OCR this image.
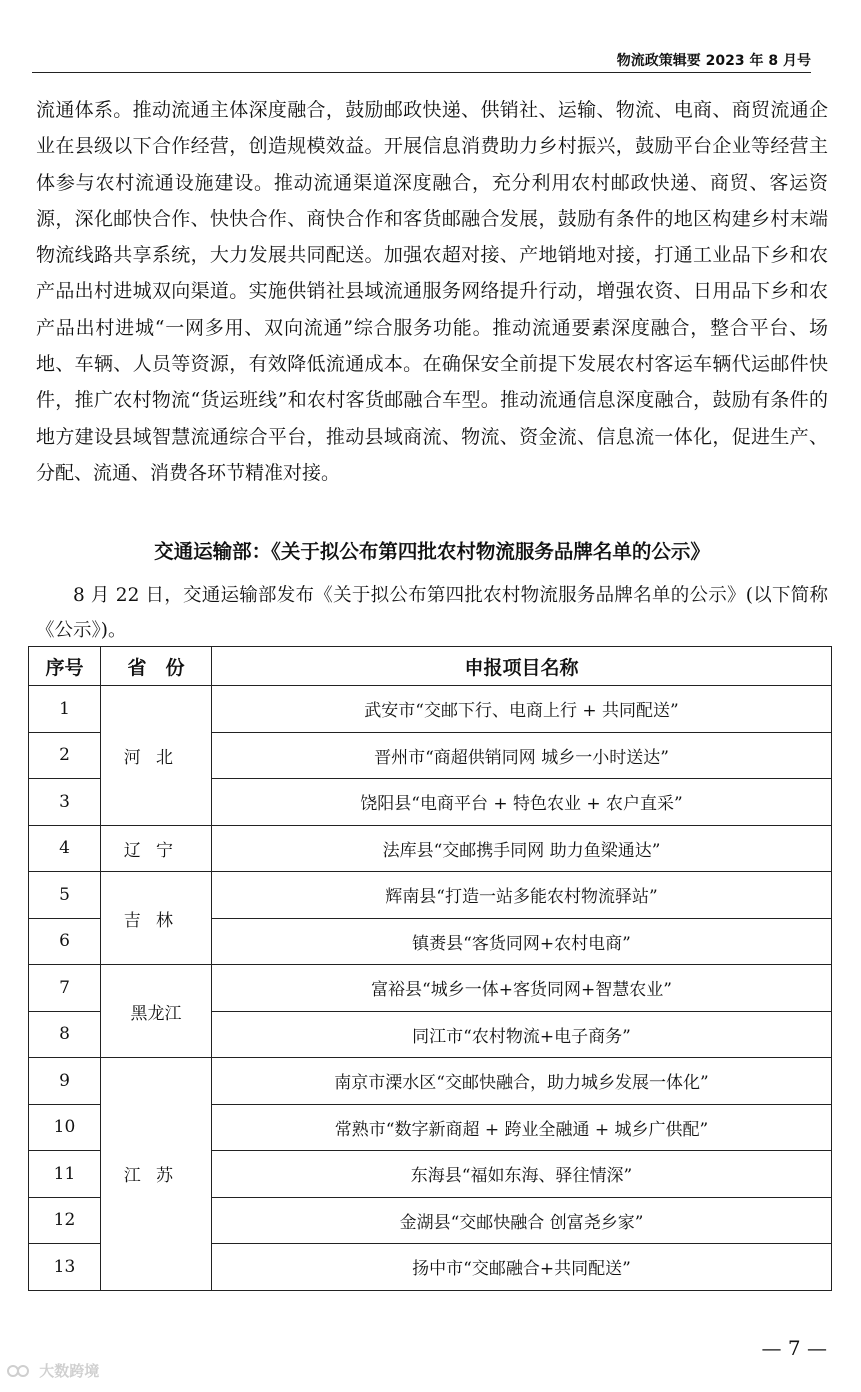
物流政策辑要 2023 年 8 月号
流通体系。推动流通主体深度融合，鼓励邮政快递、供销社、运输、物流、电商、商贸流通企业在县级以下合作经营，创造规模效益。开展信息消费助力乡村振兴，鼓励平台企业等经营主体参与农村流通设施建设。推动流通渠道深度融合，充分利用农村邮政快递、商贸、客运资源，深化邮快合作、快快合作、商快合作和客货邮融合发展，鼓励有条件的地区构建乡村末端物流线路共享系统，大力发展共同配送。加强农超对接、产地销地对接，打通工业品下乡和农产品出村进城双向渠道。实施供销社县域流通服务网络提升行动，增强农资、日用品下乡和农产品出村进城“一网多用、双向流通”综合服务功能。推动流通要素深度融合，整合平台、场地、车辆、人员等资源，有效降低流通成本。在确保安全前提下发展农村客运车辆代运邮件快件，推广农村物流“货运班线”和农村客货邮融合车型。推动流通信息深度融合，鼓励有条件的地方建设县域智慧流通综合平台，推动县域商流、物流、资金流、信息流一体化，促进生产、分配、流通、消费各环节精准对接。
交通运输部：《关于拟公布第四批农村物流服务品牌名单的公示》
8 月 22 日，交通运输部发布《关于拟公布第四批农村物流服务品牌名单的公示》(以下简称《公示》)。
序号	省　份	申报项目名称
1	河北	武安市“交邮下行、电商上行 + 共同配送”
2		晋州市“商超供销同网 城乡一小时送达”
3		饶阳县“电商平台 + 特色农业 + 农户直采”
4	辽宁	法库县“交邮携手同网 助力鱼梁通达”
5	吉林	辉南县“打造一站多能农村物流驿站”
6		镇赉县“客货同网+农村电商”
7	黑龙江	富裕县“城乡一体+客货同网+智慧农业”
8		同江市“农村物流+电子商务”
9	江苏	南京市溧水区“交邮快融合，助力城乡发展一体化”
10		常熟市“数字新商超 + 跨业全融通 + 城乡广供配”
11		东海县“福如东海、驿往情深”
12		金湖县“交邮快融合 创富尧乡家”
13		扬中市“交邮融合+共同配送”
— 7 —
大数跨境
